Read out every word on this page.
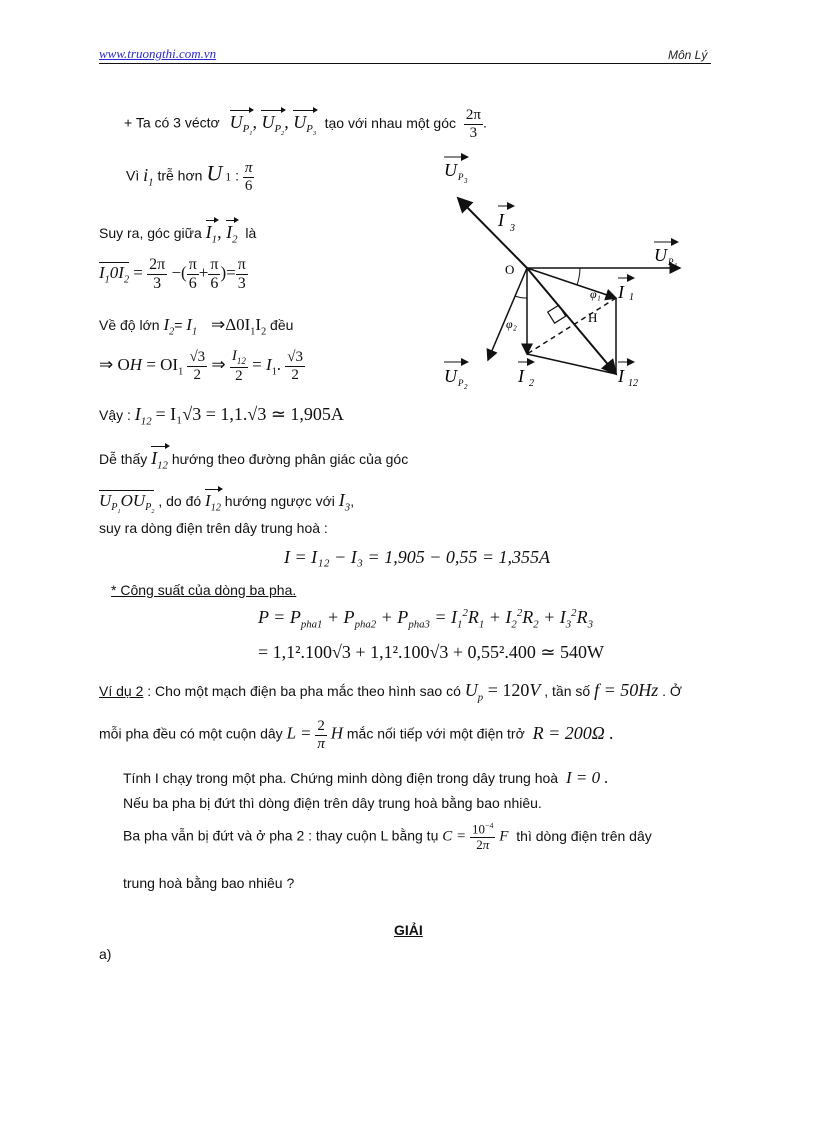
www.truongthi.com.vn	Môn Lý
+ Ta có 3 véctơ $U_{P_1}$, $U_{P_2}$, $U_{P_3}$ tạo với nhau một góc $\frac{2\pi}{3}$ .
Vì $i_1$ trễ hơn U 1 : $\frac{\pi}{6}$
Suy ra, góc giữa $I_1$, $I_2$ là
$I_10I_2 = \frac{2\pi}{3}$ −( $\frac{\pi}{6} + \frac{\pi}{6}$ )= $\frac{\pi}{3}$
Về độ lớn $I_2= I_1$ $\Rightarrow\Delta 0I_1I_2$ đều
⇒ OH = $OI_1 \frac{√3}{2}$ ⇒ $\frac{I_{12}}{2} = I_1$. $\frac{√3}{2}$
Vậy : $I_{12} = I_1√3 = 1,1.√3$ ≃ 1,905A
Dễ thấy $I_{12}$ hướng theo đường phân giác của góc
$U_{P_1}OU_{P_2}$ , do đó $I_{12}$ hướng ngược với $I_3$,
suy ra dòng điện trên dây trung hoà :
I = I₁₂ − I₃ = 1,905 − 0,55 = 1,355A
* Công suất của dòng ba pha.
$P = P_{pha1} + P_{pha2} + P_{pha3} = I_1^2R_1 + I_2^2R_2 + I_3^2R_3$
= 1,1².100√3 + 1,1².100√3 + 0,55².400 ≃ 540W
Ví dụ 2 : Cho một mạch điện ba pha mắc theo hình sao có $U_p = 120V$ , tần số f = 50Hz . Ở
mỗi pha đều có một cuộn dây $L = \frac{2}{\pi}$ H mắc nối tiếp với một điện trở R = 200Ω .
Tính I chạy trong một pha. Chứng minh dòng điện trong dây trung hoà I = 0 .
Nếu ba pha bị đứt thì dòng điện trên dây trung hoà bằng bao nhiêu.
Ba pha vẫn bị đứt và ở pha 2 : thay cuộn L bằng tụ $C = \frac{10^{-4}}{2\pi}$ F thì dòng điện trên dây
trung hoà bằng bao nhiêu ?
GIẢI
a)
O
H
φ₁
φ₂
U P 3
U P 1
U P 2
I 3
I 1
I 2	I 12
